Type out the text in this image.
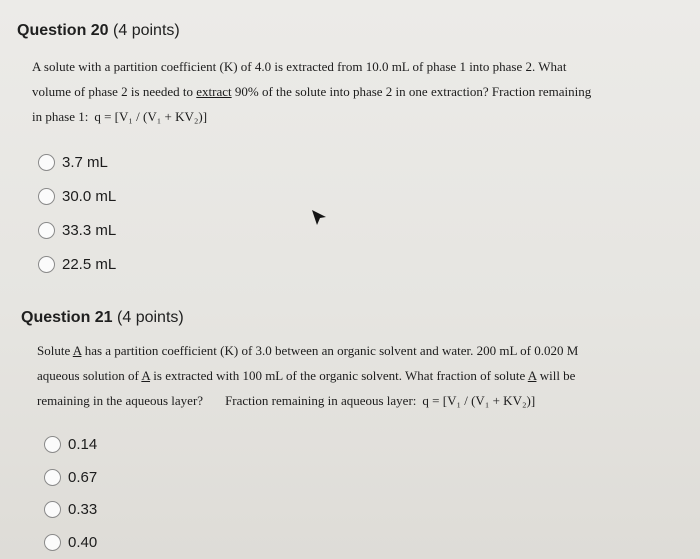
Question 20 (4 points)
A solute with a partition coefficient (K) of 4.0 is extracted from 10.0 mL of phase 1 into phase 2. What
volume of phase 2 is needed to extract 90% of the solute into phase 2 in one extraction? Fraction remaining
in phase 1: q = [V₁ / (V₁ + KV₂)]
3.7 mL
30.0 mL
33.3 mL
22.5 mL
Question 21 (4 points)
Solute A has a partition coefficient (K) of 3.0 between an organic solvent and water. 200 mL of 0.020 M
aqueous solution of A is extracted with 100 mL of the organic solvent. What fraction of solute A will be
remaining in the aqueous layer? Fraction remaining in aqueous layer: q = [V₁ / (V₁ + KV₂)]
0.14
0.67
0.33
0.40
